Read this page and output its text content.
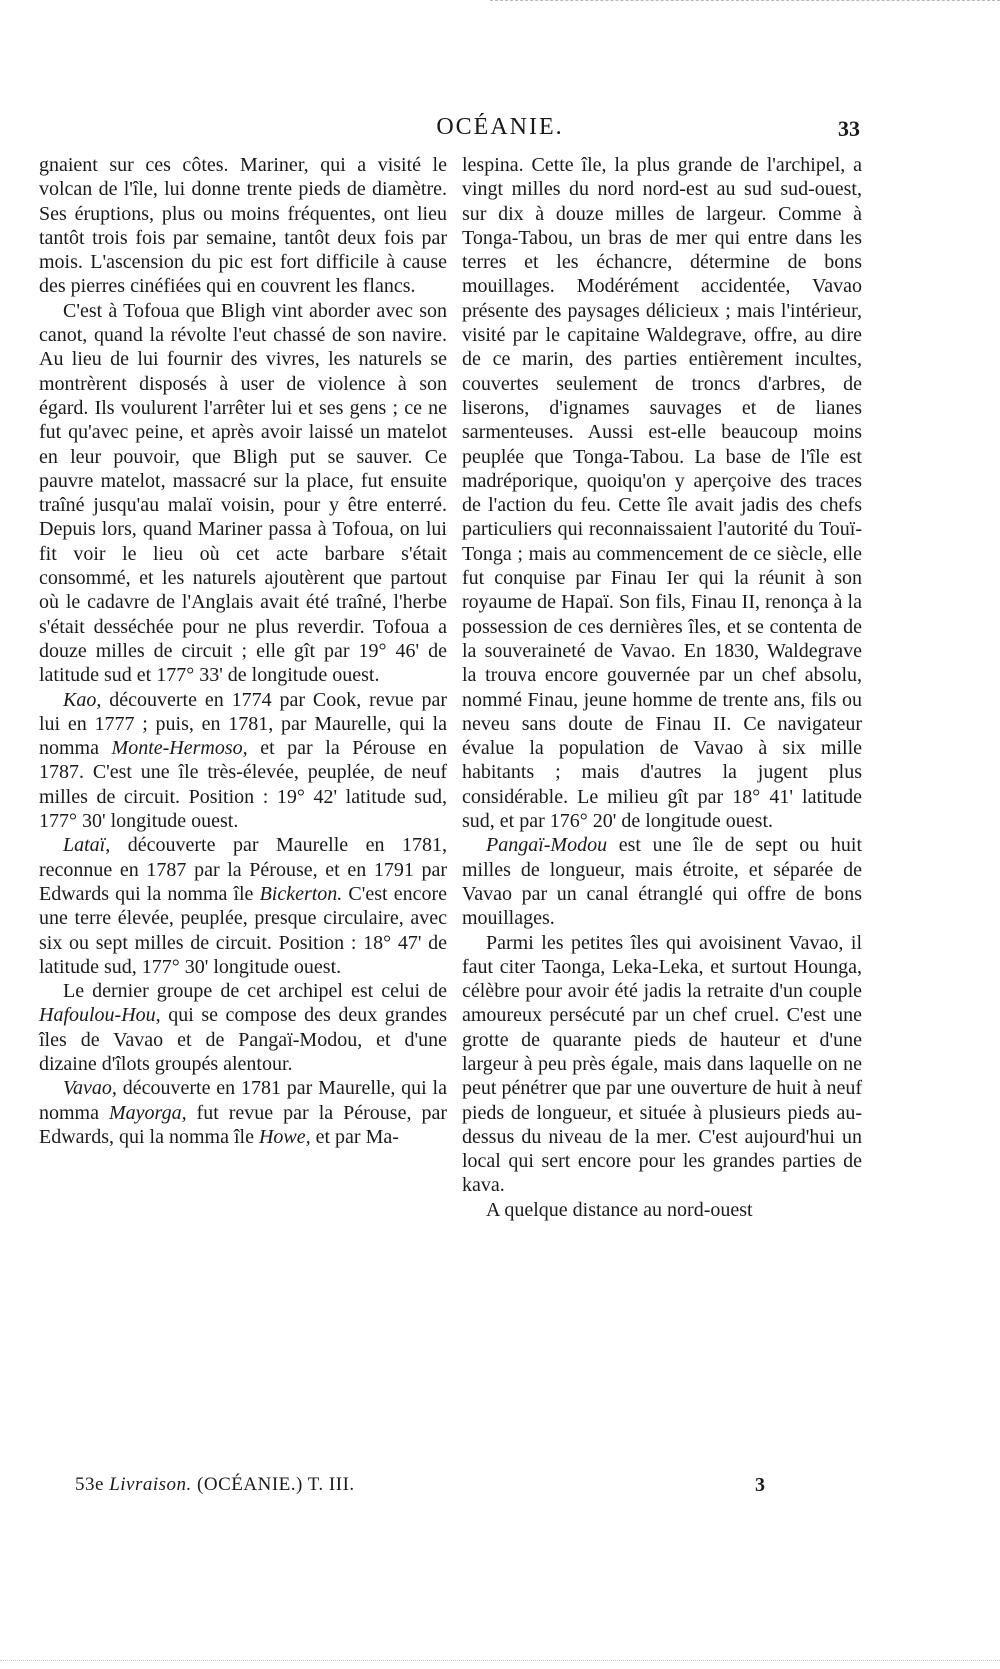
OCÉANIE.	33

gnaient sur ces côtes. Mariner, qui a visité le volcan de l'île, lui donne trente pieds de diamètre. Ses éruptions, plus ou moins fréquentes, ont lieu tantôt trois fois par semaine, tantôt deux fois par mois. L'ascension du pic est fort difficile à cause des pierres cinéfiées qui en couvrent les flancs.

C'est à Tofoua que Bligh vint aborder avec son canot, quand la révolte l'eut chassé de son navire. Au lieu de lui fournir des vivres, les naturels se montrèrent disposés à user de violence à son égard. Ils voulurent l'arrêter lui et ses gens ; ce ne fut qu'avec peine, et après avoir laissé un matelot en leur pouvoir, que Bligh put se sauver. Ce pauvre matelot, massacré sur la place, fut ensuite traîné jusqu'au malaï voisin, pour y être enterré. Depuis lors, quand Mariner passa à Tofoua, on lui fit voir le lieu où cet acte barbare s'était consommé, et les naturels ajoutèrent que partout où le cadavre de l'Anglais avait été traîné, l'herbe s'était desséchée pour ne plus reverdir. Tofoua a douze milles de circuit ; elle gît par 19° 46' de latitude sud et 177° 33' de longitude ouest.

Kao, découverte en 1774 par Cook, revue par lui en 1777 ; puis, en 1781, par Maurelle, qui la nomma Monte-Hermoso, et par la Pérouse en 1787. C'est une île très-élevée, peuplée, de neuf milles de circuit. Position : 19° 42' latitude sud, 177° 30' longitude ouest.

Lataï, découverte par Maurelle en 1781, reconnue en 1787 par la Pérouse, et en 1791 par Edwards qui la nomma île Bickerton. C'est encore une terre élevée, peuplée, presque circulaire, avec six ou sept milles de circuit. Position : 18° 47' de latitude sud, 177° 30' longitude ouest.

Le dernier groupe de cet archipel est celui de Hafoulou-Hou, qui se compose des deux grandes îles de Vavao et de Pangaï-Modou, et d'une dizaine d'îlots groupés alentour.

Vavao, découverte en 1781 par Maurelle, qui la nomma Mayorga, fut revue par la Pérouse, par Edwards, qui la nomma île Howe, et par Ma-

lespina. Cette île, la plus grande de l'archipel, a vingt milles du nord nord-est au sud sud-ouest, sur dix à douze milles de largeur. Comme à Tonga-Tabou, un bras de mer qui entre dans les terres et les échancre, détermine de bons mouillages. Modérément accidentée, Vavao présente des paysages délicieux ; mais l'intérieur, visité par le capitaine Waldegrave, offre, au dire de ce marin, des parties entièrement incultes, couvertes seulement de troncs d'arbres, de liserons, d'ignames sauvages et de lianes sarmenteuses. Aussi est-elle beaucoup moins peuplée que Tonga-Tabou. La base de l'île est madréporique, quoiqu'on y aperçoive des traces de l'action du feu. Cette île avait jadis des chefs particuliers qui reconnaissaient l'autorité du Touï-Tonga ; mais au commencement de ce siècle, elle fut conquise par Finau Ier qui la réunit à son royaume de Hapaï. Son fils, Finau II, renonça à la possession de ces dernières îles, et se contenta de la souveraineté de Vavao. En 1830, Waldegrave la trouva encore gouvernée par un chef absolu, nommé Finau, jeune homme de trente ans, fils ou neveu sans doute de Finau II. Ce navigateur évalue la population de Vavao à six mille habitants ; mais d'autres la jugent plus considérable. Le milieu gît par 18° 41' latitude sud, et par 176° 20' de longitude ouest.

Pangaï-Modou est une île de sept ou huit milles de longueur, mais étroite, et séparée de Vavao par un canal étranglé qui offre de bons mouillages.

Parmi les petites îles qui avoisinent Vavao, il faut citer Taonga, Leka-Leka, et surtout Hounga, célèbre pour avoir été jadis la retraite d'un couple amoureux persécuté par un chef cruel. C'est une grotte de quarante pieds de hauteur et d'une largeur à peu près égale, mais dans laquelle on ne peut pénétrer que par une ouverture de huit à neuf pieds de longueur, et située à plusieurs pieds au-dessus du niveau de la mer. C'est aujourd'hui un local qui sert encore pour les grandes parties de kava.

A quelque distance au nord-ouest

53e Livraison. (OCÉANIE.) T. III.	3
